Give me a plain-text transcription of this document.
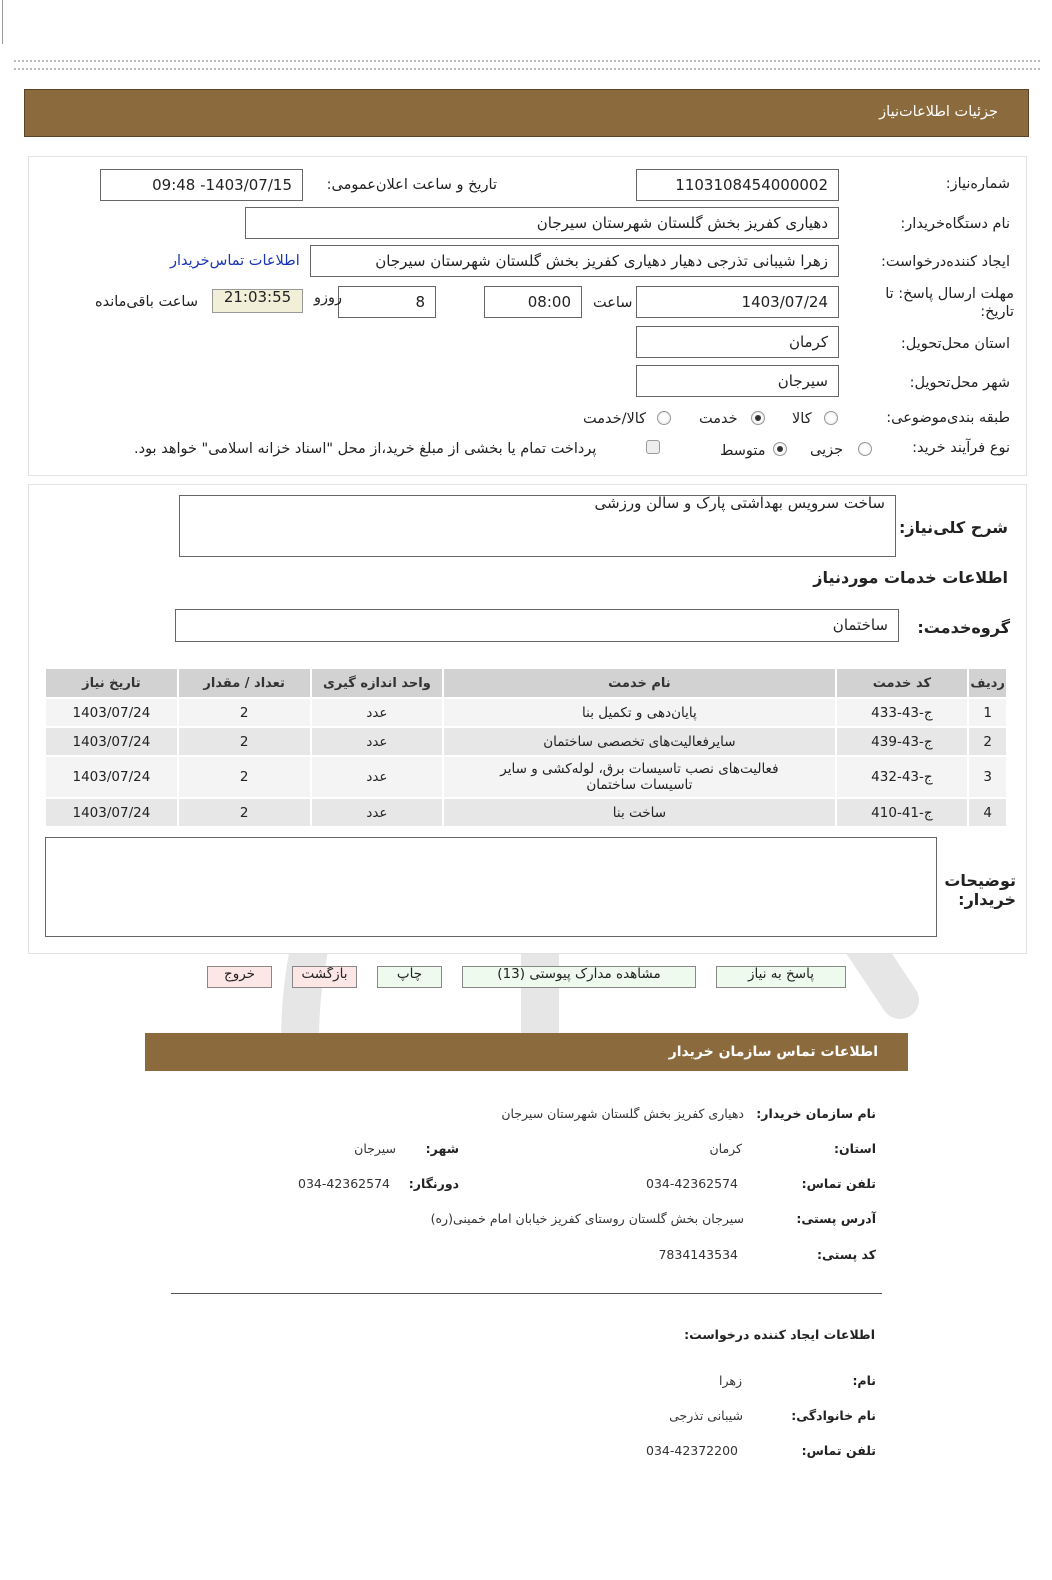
جزئیات اطلاعات‌نیاز
شماره‌نیاز:
1103108454000002
تاریخ و ساعت اعلان‌عمومی:
1403/07/15- 09:48
نام دستگاه‌خریدار:
دهیاری کفریز بخش گلستان شهرستان سیرجان
ایجاد کننده‌درخواست:
زهرا شیبانی تذرجی دهیار دهیاری کفریز بخش گلستان شهرستان سیرجان
اطلاعات تماس‌خریدار
مهلت ارسال پاسخ: تا تاریخ:
1403/07/24
ساعت
08:00
8
روزو
21:03:55
ساعت باقی‌مانده
استان محل‌تحویل:
کرمان
شهر محل‌تحویل:
سیرجان
طبقه بندی‌موضوعی:
کالا
خدمت
کالا/خدمت
نوع فرآیند خرید:
جزیی
متوسط
پرداخت تمام یا بخشی از مبلغ خرید،از محل "اسناد خزانه اسلامی" خواهد بود.
شرح کلی‌نیاز:
ساخت سرویس بهداشتی پارک و سالن ورزشی
اطلاعات خدمات موردنیاز
گروه‌خدمت:
ساختمان
ردیف	کد خدمت	نام خدمت	واحد اندازه گیری	تعداد / مقدار	تاریخ نیاز
1	ج-43-433	پایان‌دهی و تکمیل بنا	عدد	2	1403/07/24
2	ج-43-439	سایرفعالیت‌های تخصصی ساختمان	عدد	2	1403/07/24
3	ج-43-432	فعالیت‌های نصب تاسیسات برق، لوله‌کشی و سایر تاسیسات ساختمان	عدد	2	1403/07/24
4	ج-41-410	ساخت بنا	عدد	2	1403/07/24
توضیحات خریدار:
پاسخ به نیاز
مشاهده مدارک پیوستی (13)
چاپ
بازگشت
خروج
اطلاعات تماس سازمان خریدار
نام سازمان خریدار:
دهیاری کفریز بخش گلستان شهرستان سیرجان
استان:
کرمان
شهر:
سیرجان
تلفن تماس:
034-42362574
دورنگار:
034-42362574
آدرس پستی:
سیرجان بخش گلستان روستای کفریز خیابان امام خمینی(ره)
کد پستی:
7834143534
اطلاعات ایجاد کننده درخواست:
نام:
زهرا
نام خانوادگی:
شیبانی تذرجی
تلفن تماس:
034-42372200
